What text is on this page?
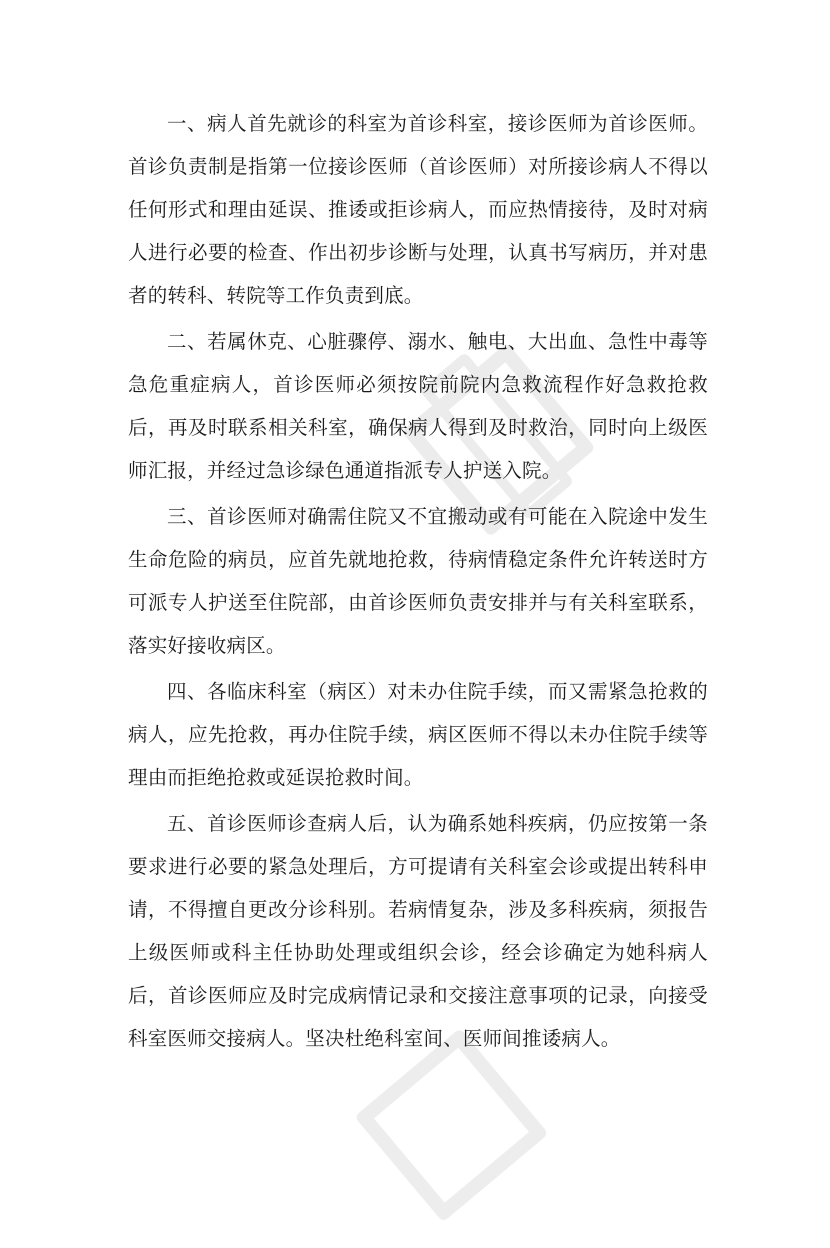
一、病人首先就诊的科室为首诊科室，接诊医师为首诊医师。首诊负责制是指第一位接诊医师（首诊医师）对所接诊病人不得以任何形式和理由延误、推诿或拒诊病人，而应热情接待，及时对病人进行必要的检查、作出初步诊断与处理，认真书写病历，并对患者的转科、转院等工作负责到底。

二、若属休克、心脏骤停、溺水、触电、大出血、急性中毒等急危重症病人，首诊医师必须按院前院内急救流程作好急救抢救后，再及时联系相关科室，确保病人得到及时救治，同时向上级医师汇报，并经过急诊绿色通道指派专人护送入院。

三、首诊医师对确需住院又不宜搬动或有可能在入院途中发生生命危险的病员，应首先就地抢救，待病情稳定条件允许转送时方可派专人护送至住院部，由首诊医师负责安排并与有关科室联系，落实好接收病区。

四、各临床科室（病区）对未办住院手续，而又需紧急抢救的病人，应先抢救，再办住院手续，病区医师不得以未办住院手续等理由而拒绝抢救或延误抢救时间。

五、首诊医师诊查病人后，认为确系她科疾病，仍应按第一条要求进行必要的紧急处理后，方可提请有关科室会诊或提出转科申请，不得擅自更改分诊科别。若病情复杂，涉及多科疾病，须报告上级医师或科主任协助处理或组织会诊，经会诊确定为她科病人后，首诊医师应及时完成病情记录和交接注意事项的记录，向接受科室医师交接病人。坚决杜绝科室间、医师间推诿病人。
